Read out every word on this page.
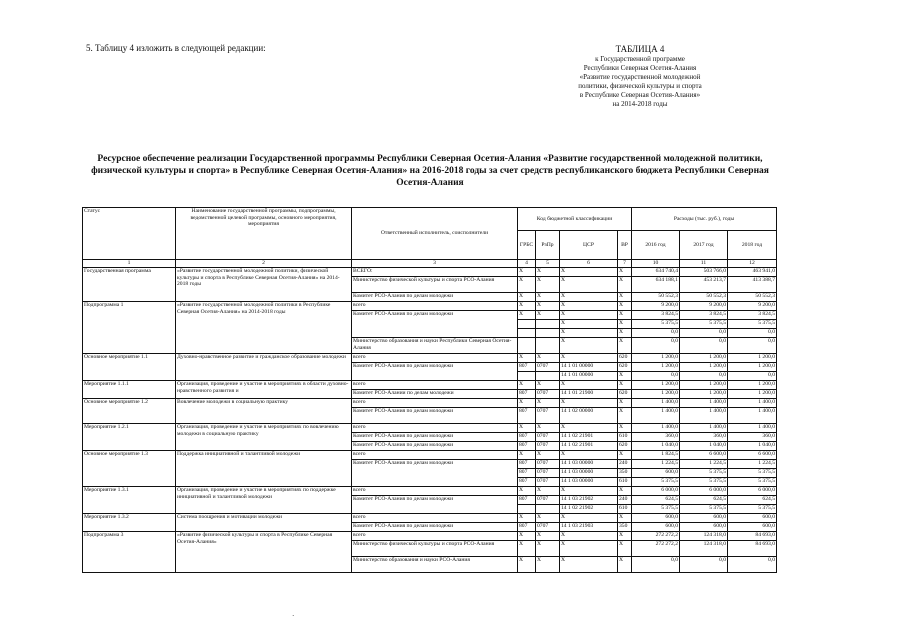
5. Таблицу 4 изложить в следующей редакции:	ТАБЛИЦА 4
к Государственной программе
Республики Северная Осетия-Алания
«Развитие государственной молодежной
политики, физической культуры и спорта
в Республике Северная Осетия-Алания»
на 2014-2018 годы
Ресурсное обеспечение реализации Государственной программы Республики Северная Осетия-Алания «Развитие государственной молодежной политики, физической культуры и спорта» в Республике Северная Осетия-Алания» на 2016-2018 годы за счет средств республиканского бюджета Республики Северная Осетия-Алания
Статус	Наименование государственной программы, подпрограммы, ведомственной целевой программы, основного мероприятия, мероприятия	Ответственный исполнитель, соисполнители	Код бюджетной классификации				Расходы (тыс. руб.), годы		
			ГРБС	РзПр	ЦСР	ВР	2016 год	2017 год	2018 год
1	2	3	4	5	6	7	10	11	12
Государственная программа	«Развитие государственной молодежной политики, физической культуры и спорта в Республике Северная Осетия-Алания» на 2014-2018 годы	ВСЕГО:	X	X	X	X	634 740,4	503 766,0	463 941,0
		Министерство физической культуры и спорта РСО-Алания	X	X	X	X	634 188,1	453 213,7	413 388,7
		Комитет РСО-Алания по делам молодежи	X	X	X	X	50 552,3	50 552,3	50 552,3
Подпрограмма 1	«Развитие государственной молодежной политики в Республике Северная Осетия-Алания» на 2014-2018 годы	всего	X	X	X	X	9 200,0	9 200,0	9 200,0
		Комитет РСО-Алания по делам молодежи	X	X	X	X	3 824,5	3 824,5	3 824,5
					X	X	5 375,5	5 375,5	5 375,5
					X	X	0,0	0,0	0,0
		Министерство образования и науки Республики Северная Осетия-Алания			X	X	0,0	0,0	0,0
Основное мероприятие 1.1	Духовно-нравственное развитие и гражданское образование молодежи	всего	X	X	X	620	1 200,0	1 200,0	1 200,0
		Комитет РСО-Алания по делам молодежи	807	0707	14 1 01 00000	620	1 200,0	1 200,0	1 200,0
					14 1 01 00000	X	0,0	0,0	0,0
Мероприятие 1.1.1	Организация, проведение и участие в мероприятиях в области духовно-нравственного развития и	всего	X	X	X	X	1 200,0	1 200,0	1 200,0
		Комитет РСО-Алании по делам молодежи	807	0707	14 1 01 21900	620	1 200,0	1 200,0	1 200,0
Основное мероприятие 1.2	Вовлечение молодежи в социальную практику	всего	X	X	X	X	1 400,0	1 400,0	1 400,0
		Комитет РСО-Алания по делам молодежи	807	0707	14 1 02 00000	X	1 400,0	1 400,0	1 400,0
Мероприятие 1.2.1	Организация, проведение и участие в мероприятиях по вовлечению молодежи в социальную практику	всего	X	X	X	X	1 400,0	1 400,0	1 400,0
		Комитет РСО-Алания по делам молодежи	807	0707	14 1 02 21901	610	360,0	360,0	360,0
		Комитет РСО-Алания по делам молодежи	807	0707	14 1 02 21901	620	1 040,0	1 040,0	1 040,0
Основное мероприятие 1.3	Поддержка инициативной и талантливой молодежи	всего	X	X	X	X	1 824,5	6 600,0	6 600,0
		Комитет РСО-Алания по делам молодежи	807	0707	14 1 03 00000	240	1 224,5	1 224,5	1 224,5
			807	0707	14 1 03 00000	350	600,0	5 375,5	5 375,5
			807	0707	14 1 03 00000	610	5 375,5	5 375,5	5 375,5
Мероприятие 1.3.1	Организация, проведение и участие в мероприятиях по поддержке инициативной и талантливой молодежи	всего	X	X	X	X	6 000,0	6 000,0	6 000,0
		Комитет РСО-Алания по делам молодежи	807	0707	14 1 03 21902	240	624,5	624,5	624,5
					14 1 02 21902	610	5 375,5	5 375,5	5 375,5
Мероприятие 1.3.2	Система поощрения и мотивации молодежи	всего	X	X	X	X	600,0	600,0	600,0
		Комитет РСО-Алания по делам молодежи	807	0707	14 1 03 21903	350	600,0	600,0	600,0
Подпрограмма 3	«Развитие физической культуры и спорта в Республике Северная Осетия-Алания»	всего	X	X	X	X	272 272,2	124 318,0	84 693,0
		Министерство физической культуры и спорта РСО-Алания	X	X	X	X	272 272,2	124 318,0	84 693,0
		Министерство образования и науки РСО-Алания	X	X	X	X	0,0	0,0	0,0
·
